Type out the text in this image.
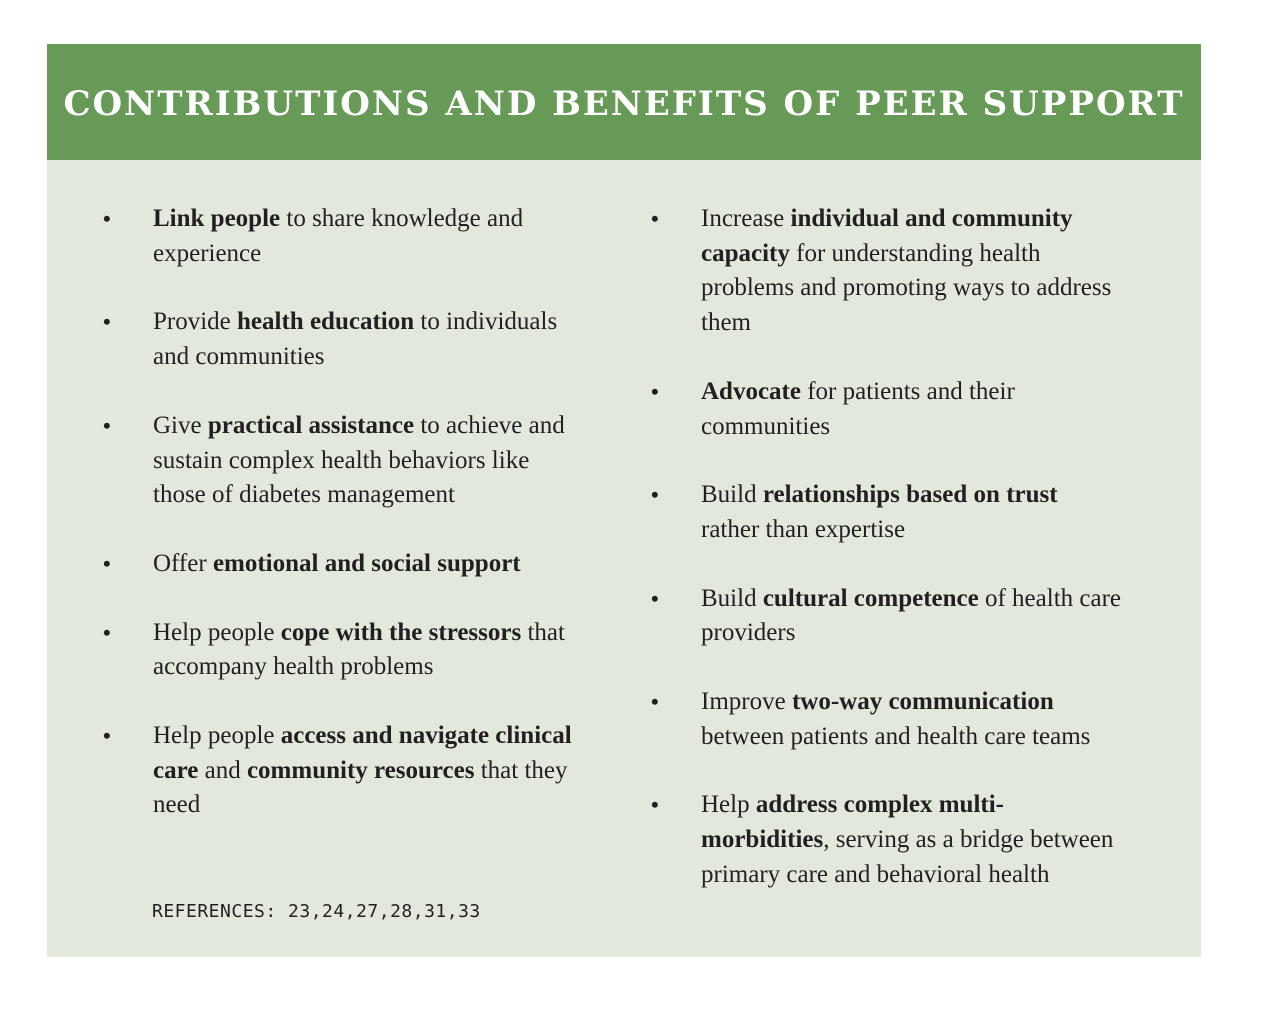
CONTRIBUTIONS AND BENEFITS OF PEER SUPPORT
• Link people to share knowledge and experience
• Provide health education to individuals and communities
• Give practical assistance to achieve and sustain complex health behaviors like those of diabetes management
• Offer emotional and social support
• Help people cope with the stressors that accompany health problems
• Help people access and navigate clinical care and community resources that they need
• Increase individual and community capacity for understanding health problems and promoting ways to address them
• Advocate for patients and their communities
• Build relationships based on trust rather than expertise
• Build cultural competence of health care providers
• Improve two-way communication between patients and health care teams
• Help address complex multi-morbidities, serving as a bridge between primary care and behavioral health

REFERENCES: 23,24,27,28,31,33
